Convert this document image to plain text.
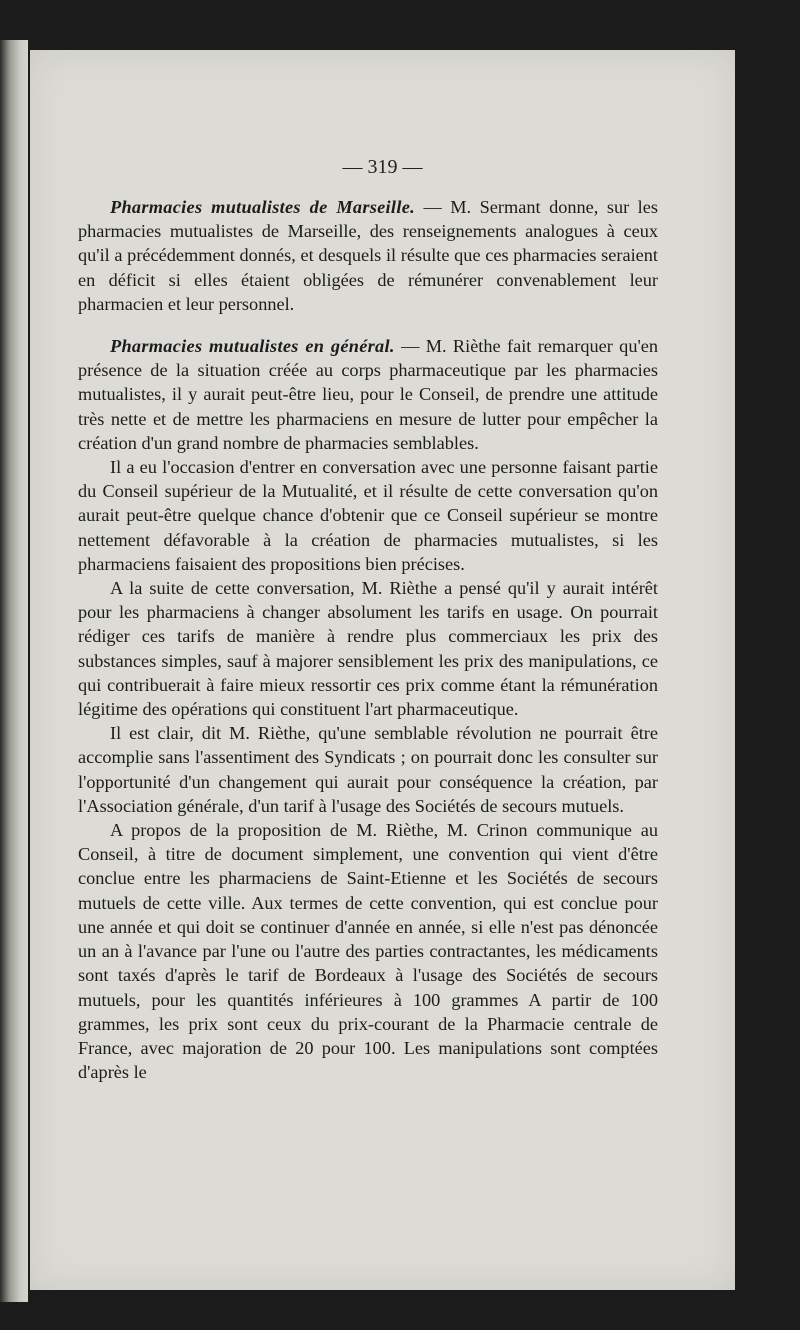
— 319 —

Pharmacies mutualistes de Marseille. — M. Sermant donne, sur les pharmacies mutualistes de Marseille, des renseignements analogues à ceux qu'il a précédemment donnés, et desquels il résulte que ces pharmacies seraient en déficit si elles étaient obligées de rémunérer convenablement leur pharmacien et leur personnel.

Pharmacies mutualistes en général. — M. Rièthe fait remarquer qu'en présence de la situation créée au corps pharmaceutique par les pharmacies mutualistes, il y aurait peut-être lieu, pour le Conseil, de prendre une attitude très nette et de mettre les pharmaciens en mesure de lutter pour empêcher la création d'un grand nombre de pharmacies semblables.

Il a eu l'occasion d'entrer en conversation avec une personne faisant partie du Conseil supérieur de la Mutualité, et il résulte de cette conversation qu'on aurait peut-être quelque chance d'obtenir que ce Conseil supérieur se montre nettement défavorable à la création de pharmacies mutualistes, si les pharmaciens faisaient des propositions bien précises.

A la suite de cette conversation, M. Rièthe a pensé qu'il y aurait intérêt pour les pharmaciens à changer absolument les tarifs en usage. On pourrait rédiger ces tarifs de manière à rendre plus commerciaux les prix des substances simples, sauf à majorer sensiblement les prix des manipulations, ce qui contribuerait à faire mieux ressortir ces prix comme étant la rémunération légitime des opérations qui constituent l'art pharmaceutique.

Il est clair, dit M. Rièthe, qu'une semblable révolution ne pourrait être accomplie sans l'assentiment des Syndicats ; on pourrait donc les consulter sur l'opportunité d'un changement qui aurait pour conséquence la création, par l'Association générale, d'un tarif à l'usage des Sociétés de secours mutuels.

A propos de la proposition de M. Rièthe, M. Crinon communique au Conseil, à titre de document simplement, une convention qui vient d'être conclue entre les pharmaciens de Saint-Etienne et les Sociétés de secours mutuels de cette ville. Aux termes de cette convention, qui est conclue pour une année et qui doit se continuer d'année en année, si elle n'est pas dénoncée un an à l'avance par l'une ou l'autre des parties contractantes, les médicaments sont taxés d'après le tarif de Bordeaux à l'usage des Sociétés de secours mutuels, pour les quantités inférieures à 100 grammes A partir de 100 grammes, les prix sont ceux du prix-courant de la Pharmacie centrale de France, avec majoration de 20 pour 100. Les manipulations sont comptées d'après le
